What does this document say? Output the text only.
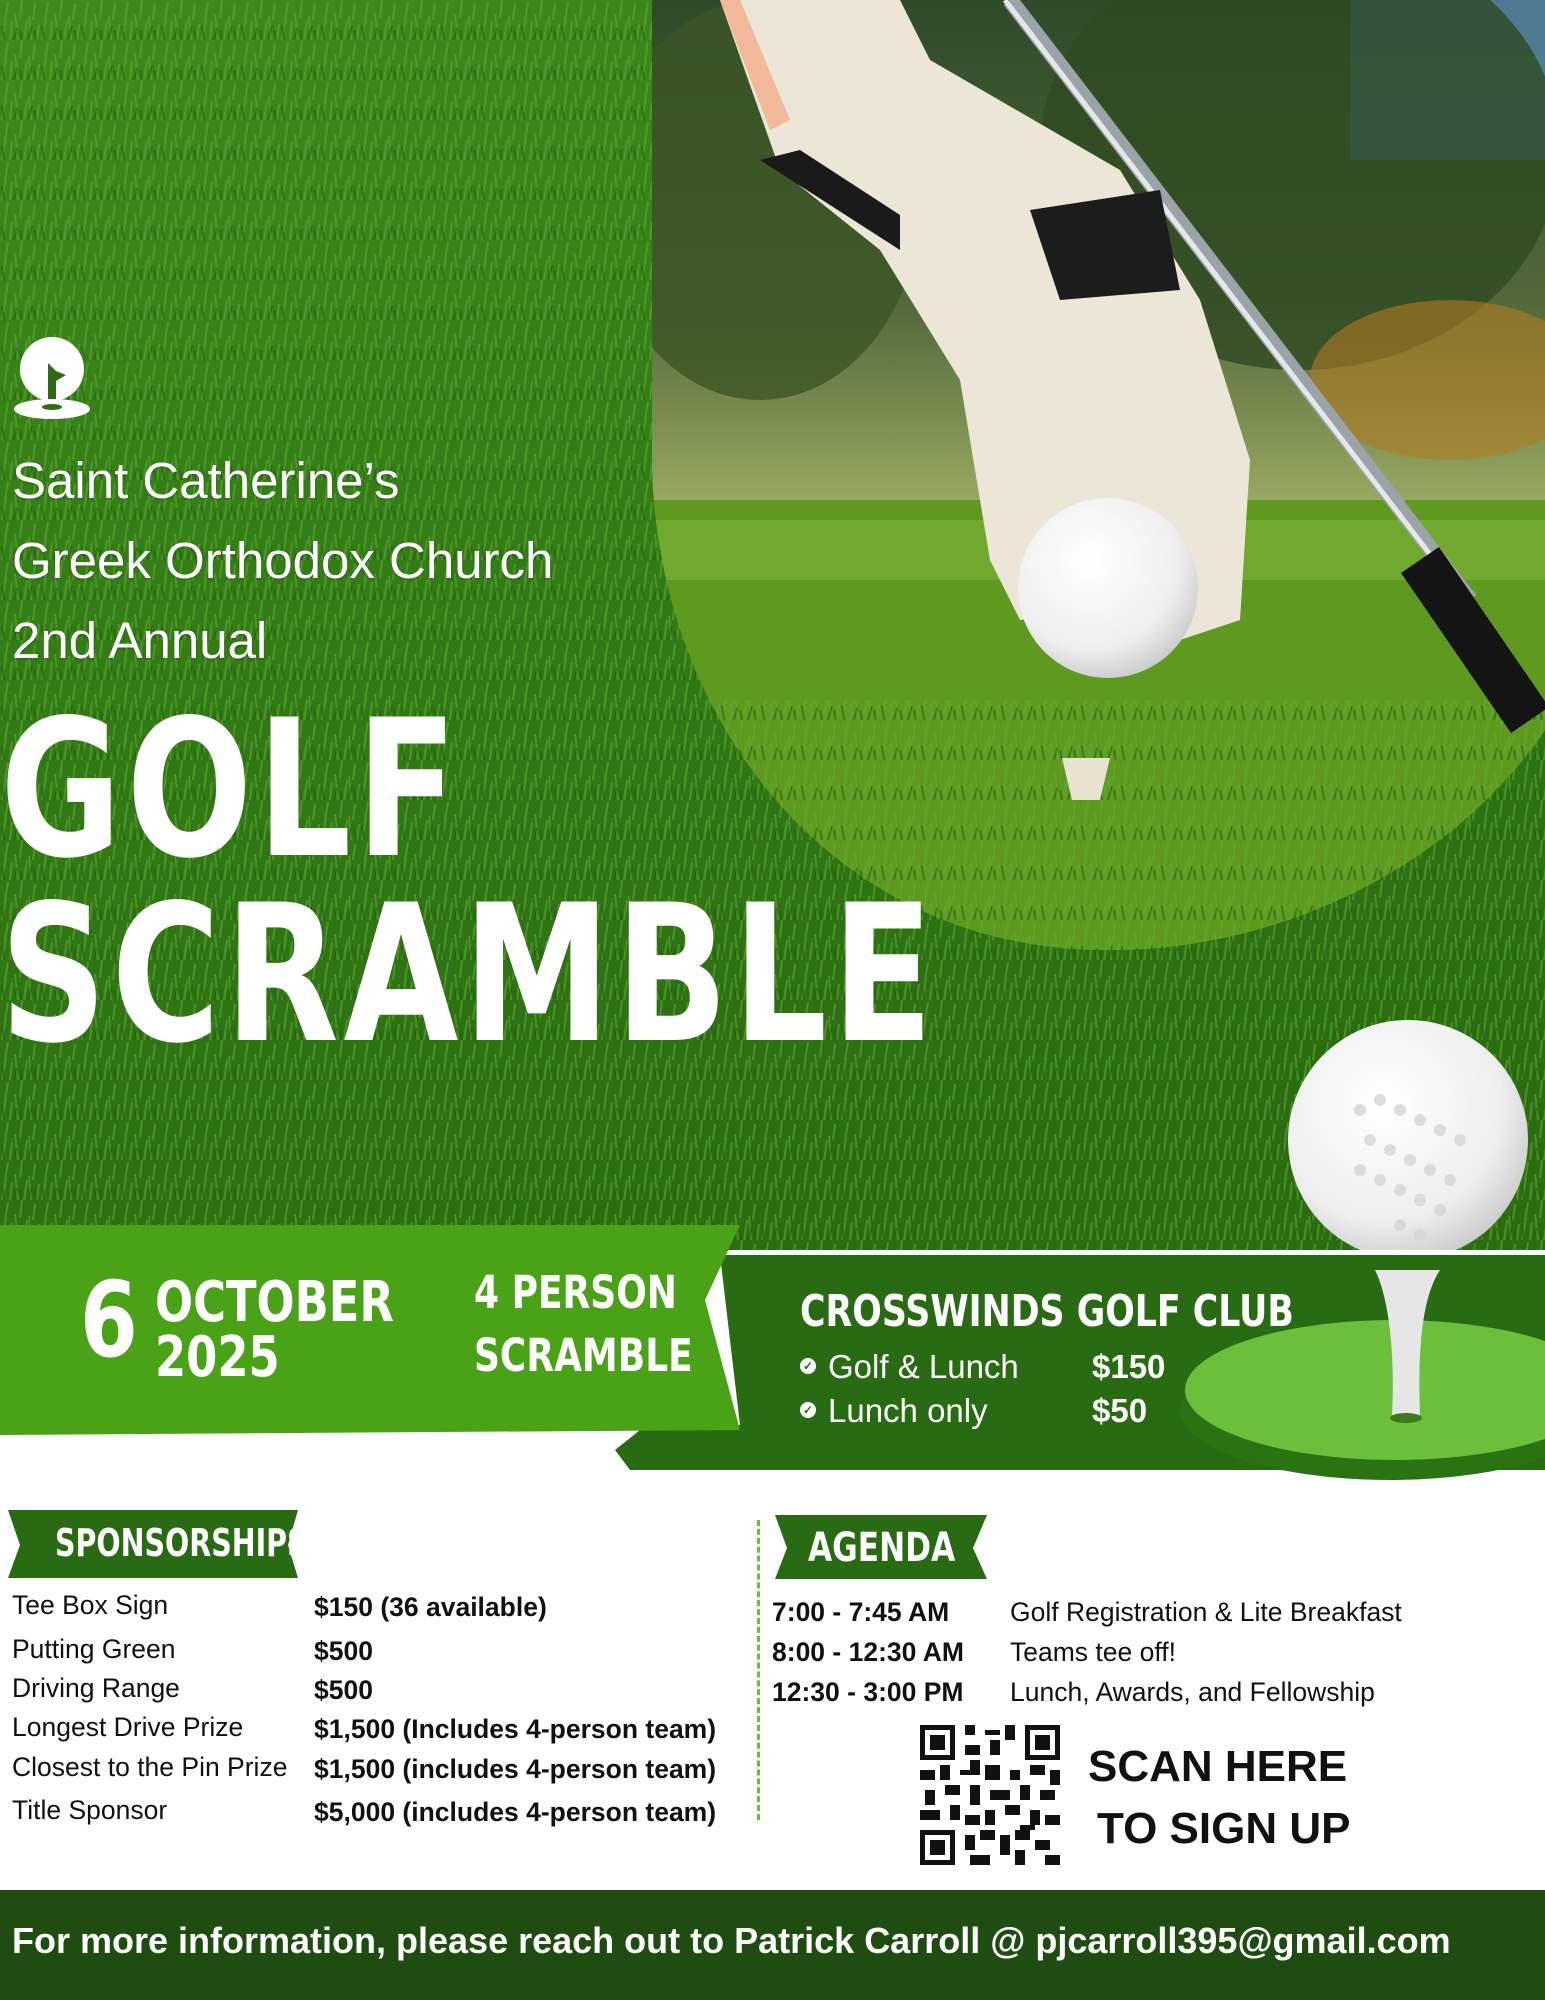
Saint Catherine’s
Greek Orthodox Church
2nd Annual
GOLF
SCRAMBLE
6 OCTOBER
2025
4 PERSON
SCRAMBLE
CROSSWINDS GOLF CLUB
✓ Golf & Lunch $150
✓ Lunch only	$50
SPONSORSHIPS
Tee Box Sign	$150 (36 available)
Putting Green	$500
Driving Range	$500
Longest Drive Prize	$1,500 (Includes 4-person team)
Closest to the Pin Prize $1,500 (includes 4-person team)
Title Sponsor	$5,000 (includes 4-person team)
AGENDA
7:00 - 7:45 AM Golf Registration & Lite Breakfast
8:00 - 12:30 AM Teams tee off!
12:30 - 3:00 PM Lunch, Awards, and Fellowship
SCAN HERE
TO SIGN UP
For more information, please reach out to Patrick Carroll @ pjcarroll395@gmail.com
